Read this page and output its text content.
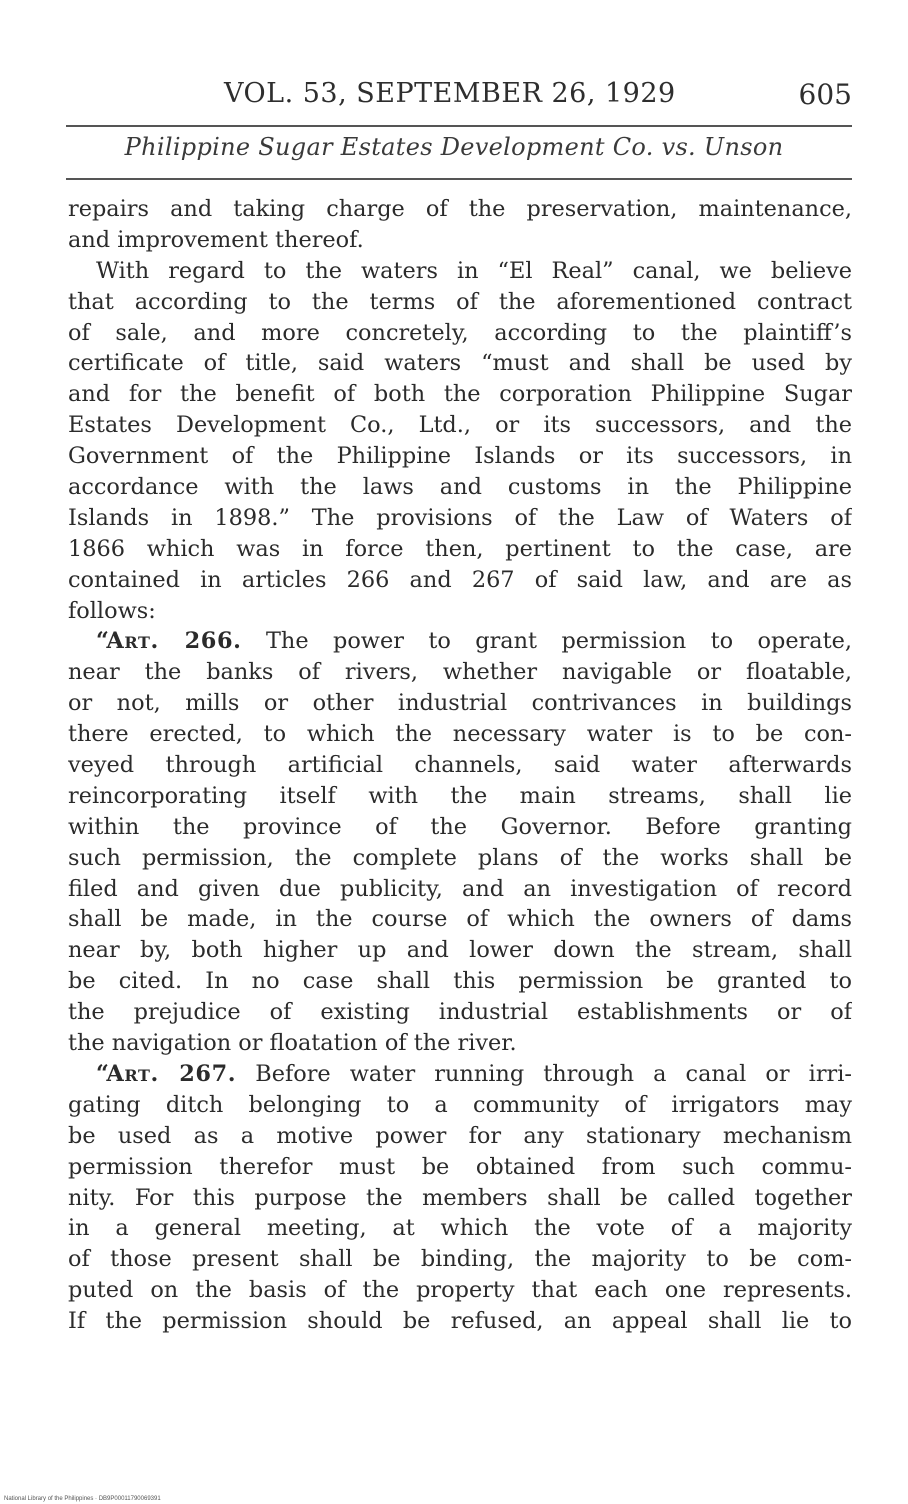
VOL. 53, SEPTEMBER 26, 1929	605
Philippine Sugar Estates Development Co. vs. Unson
repairs and taking charge of the preservation, maintenance,
and improvement thereof.
With regard to the waters in “El Real” canal, we believe
that according to the terms of the aforementioned contract
of sale, and more concretely, according to the plaintiff’s
certificate of title, said waters “must and shall be used by
and for the benefit of both the corporation Philippine Sugar
Estates Development Co., Ltd., or its successors, and the
Government of the Philippine Islands or its successors, in
accordance with the laws and customs in the Philippine
Islands in 1898.” The provisions of the Law of Waters of
1866 which was in force then, pertinent to the case, are
contained in articles 266 and 267 of said law, and are as
follows:
“Art. 266. The power to grant permission to operate,
near the banks of rivers, whether navigable or floatable,
or not, mills or other industrial contrivances in buildings
there erected, to which the necessary water is to be con-
veyed through artificial channels, said water afterwards
reincorporating itself with the main streams, shall lie
within the province of the Governor. Before granting
such permission, the complete plans of the works shall be
filed and given due publicity, and an investigation of record
shall be made, in the course of which the owners of dams
near by, both higher up and lower down the stream, shall
be cited. In no case shall this permission be granted to
the prejudice of existing industrial establishments or of
the navigation or floatation of the river.
“Art. 267. Before water running through a canal or irri-
gating ditch belonging to a community of irrigators may
be used as a motive power for any stationary mechanism
permission therefor must be obtained from such commu-
nity. For this purpose the members shall be called together
in a general meeting, at which the vote of a majority
of those present shall be binding, the majority to be com-
puted on the basis of the property that each one represents.
If the permission should be refused, an appeal shall lie to
National Library of the Philippines · DB9P00011790069391
